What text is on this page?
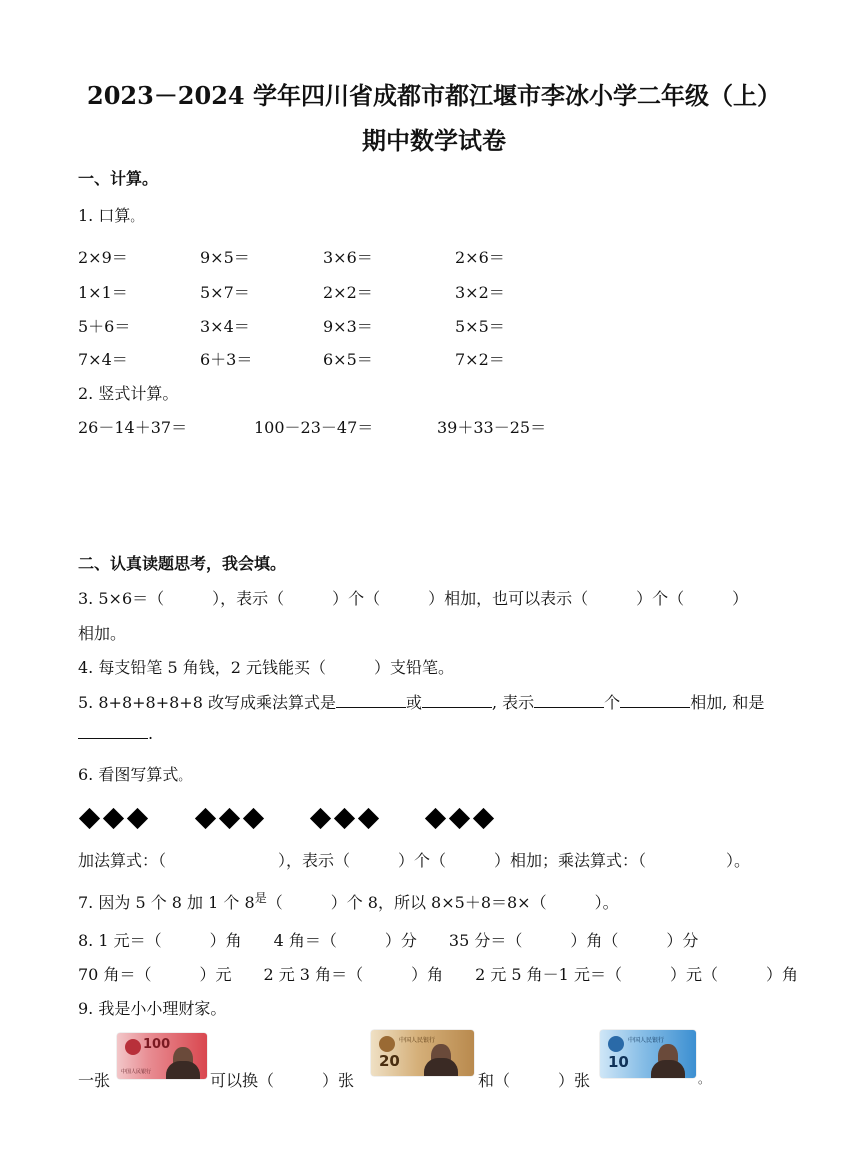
2023－2024 学年四川省成都市都江堰市李冰小学二年级（上）
期中数学试卷
一、计算。
1. 口算。
2×9＝	9×5＝	3×6＝	2×6＝
1×1＝	5×7＝	2×2＝	3×2＝
5＋6＝	3×4＝	9×3＝	5×5＝
7×4＝	6＋3＝	6×5＝	7×2＝
2. 竖式计算。
26－14＋37＝	100－23－47＝	39＋33－25＝
二、认真读题思考，我会填。
3. 5×6＝（　　　），表示（　　　）个（　　　）相加，也可以表示（　　　）个（　　　）
相加。
4. 每支铅笔 5 角钱，2 元钱能买（　　　）支铅笔。
5. 8+8+8+8+8 改写成乘法算式是	或	, 表示	个	相加, 和是
.
6. 看图写算式。
加法算式：（　　　　　　　），表示（　　　）个（　　　）相加；乘法算式：（　　　　　）。
7. 因为 5 个 8 加 1 个 $8^是$（　　　）个 8，所以 8×5＋8＝8×（　　　）。
8. 1 元＝（　　　）角　　4 角＝（　　　）分　　35 分＝（　　　）角（　　　）分
70 角＝（　　　）元　　2 元 3 角＝（　　　）角　　2 元 5 角－1 元＝（　　　）元（　　　）角
9. 我是小小理财家。
一张
100
中国人民银行	可以换（　　　）张
中国人民银行
20
和（　　　）张
中国人民银行
10
。
